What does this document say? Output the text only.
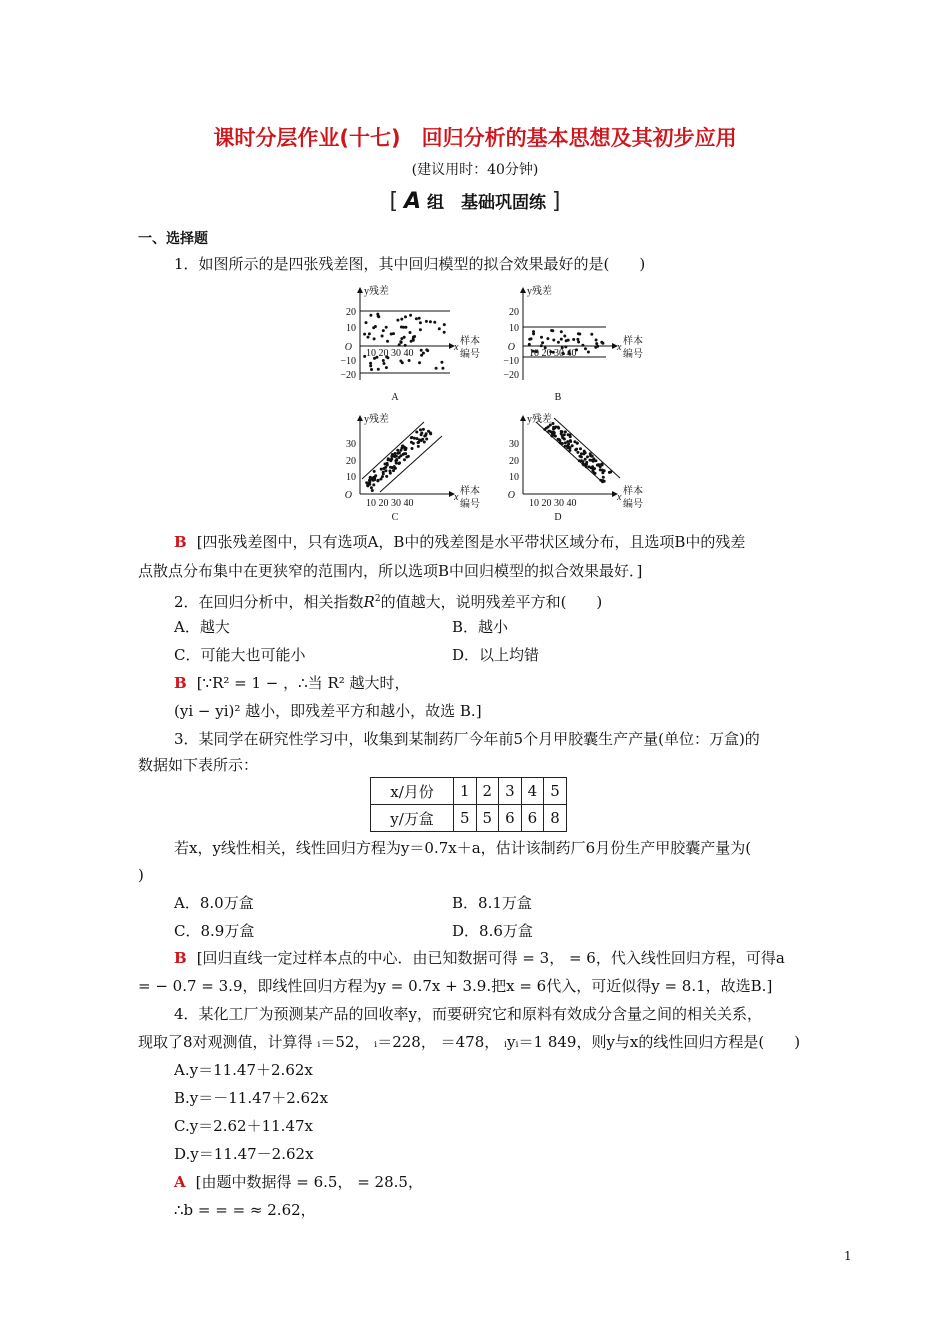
课时分层作业(十七)　回归分析的基本思想及其初步应用
(建议用时：40分钟)
[ A 组　基础巩固练 ]
一、选择题
1．如图所示的是四张残差图，其中回归模型的拟合效果最好的是(　　)
y残差
20
10
−10
−20
O
10 20 30 40
x
样本
编号
A
y残差
20
10
−10
−20
O
10 20 30 40
x
样本
编号
B
y残差
30
20
10
O
10 20 30 40
x
样本
编号
C
y残差
30
20
10
O
10 20 30 40
x
样本
编号
D
B [四张残差图中，只有选项A，B中的残差图是水平带状区域分布，且选项B中的残差
点散点分布集中在更狭窄的范围内，所以选项B中回归模型的拟合效果最好．]
2．在回归分析中，相关指数$R^2$的值越大，说明残差平方和(　　)
A．越大	B．越小
C．可能大也可能小	D．以上均错
B [∵R² = 1 − ，∴当 R² 越大时，
(yi − yi)² 越小，即残差平方和越小，故选 B.]
3．某同学在研究性学习中，收集到某制药厂今年前5个月甲胶囊生产产量(单位：万盒)的
数据如下表所示：
x/月份	1	2	3	4	5
y/万盒	5	5	6	6	8
若x，y线性相关，线性回归方程为y＝0.7x＋a，估计该制药厂6月份生产甲胶囊产量为(
)
A．8.0万盒	B．8.1万盒
C．8.9万盒	D．8.6万盒
B [回归直线一定过样本点的中心．由已知数据可得 = 3， = 6，代入线性回归方程，可得a
= − 0.7 = 3.9，即线性回归方程为y = 0.7x + 3.9.把x = 6代入，可近似得y = 8.1，故选B.]
4．某化工厂为预测某产品的回收率y，而要研究它和原料有效成分含量之间的相关关系，
现取了8对观测值，计算得 ᵢ＝52， ᵢ＝228， ＝478， ᵢyᵢ＝1 849，则y与x的线性回归方程是(　　)
A.y＝11.47＋2.62x
B.y＝－11.47＋2.62x
C.y＝2.62＋11.47x
D.y＝11.47－2.62x
A [由题中数据得 = 6.5， = 28.5，
∴b = = = ≈ 2.62，
1
